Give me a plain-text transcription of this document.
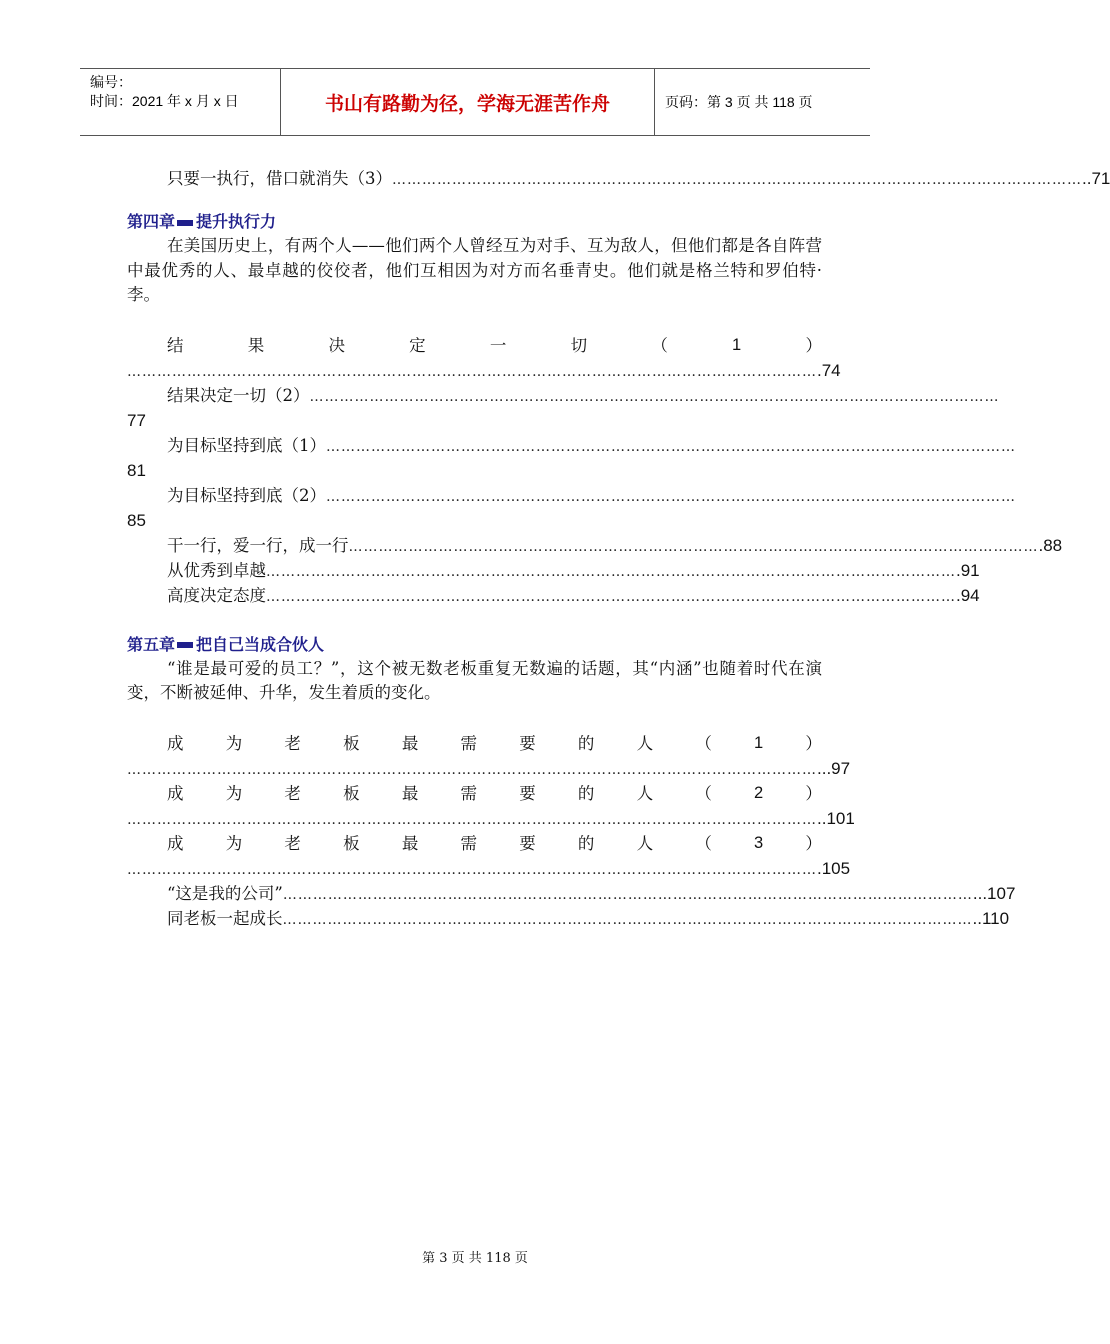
编号：
时间：2021 年 x 月 x 日	书山有路勤为径，学海无涯苦作舟	页码：第 3 页 共 118 页
只要一执行，借口就消失（3） ………………………………………………………………………………………………………………………… ..71
第四章 提升执行力
在美国历史上，有两个人——他们两个人曾经互为对手、互为敌人，但他们都是各自阵营中最优秀的人、最卓越的佼佼者，他们互相因为对方而名垂青史。他们就是格兰特和罗伯特·李。
结	果	决	定	一	切	（	1	）
………………………………………………………………………………………………………………………… .74
结果决定一切（2） …………………………………………………………………………………………………………………………
77
为目标坚持到底（1） …………………………………………………………………………………………………………………………
81
为目标坚持到底（2） …………………………………………………………………………………………………………………………
85
干一行，爱一行，成一行 ………………………………………………………………………………………………………………………… .88
从优秀到卓越 ………………………………………………………………………………………………………………………… .91
高度决定态度 ………………………………………………………………………………………………………………………… .94
第五章 把自己当成合伙人
“谁是最可爱的员工？”，这个被无数老板重复无数遍的话题，其“内涵”也随着时代在演变，不断被延伸、升华，发生着质的变化。
成	为	老	板	最	需	要	的	人	（	1	）
………………………………………………………………………………………………………………………… ...97
成	为	老	板	最	需	要	的	人	（	2	）
………………………………………………………………………………………………………………………… ..101
成	为	老	板	最	需	要	的	人	（	3	）
………………………………………………………………………………………………………………………… .105
“这是我的公司” ………………………………………………………………………………………………………………………… ...107
同老板一起成长 ………………………………………………………………………………………………………………………… ..110
第 3 页 共 118 页
